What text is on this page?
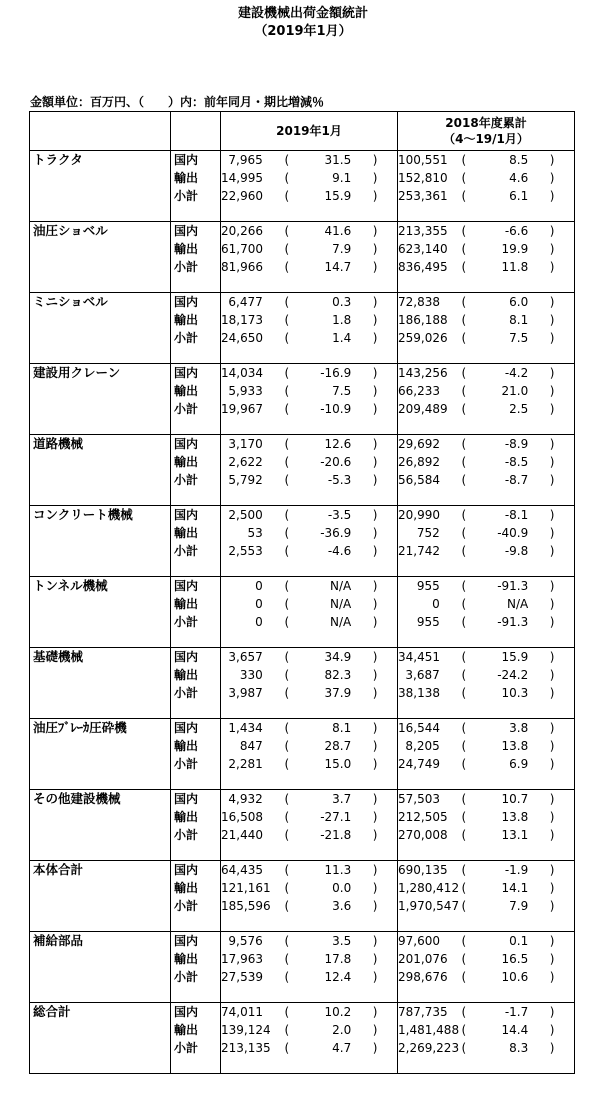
建設機械出荷金額統計
（2019年1月）
金額単位：百万円、（　　）内：前年同月・期比増減％
		2019年1月				2018年度累計
（4～19/1月）			

トラクタ	国内	7,965	(	31.5	)	100,551	(	8.5	)
	輸出	14,995	(	9.1	)	152,810	(	4.6	)
	小計	22,960	(	15.9	)	253,361	(	6.1	)

油圧ショベル	国内	20,266	(	41.6	)	213,355	(	-6.6	)
	輸出	61,700	(	7.9	)	623,140	(	19.9	)
	小計	81,966	(	14.7	)	836,495	(	11.8	)

ミニショベル	国内	6,477	(	0.3	)	72,838	(	6.0	)
	輸出	18,173	(	1.8	)	186,188	(	8.1	)
	小計	24,650	(	1.4	)	259,026	(	7.5	)

建設用クレーン	国内	14,034	(	-16.9	)	143,256	(	-4.2	)
	輸出	5,933	(	7.5	)	66,233	(	21.0	)
	小計	19,967	(	-10.9	)	209,489	(	2.5	)

道路機械	国内	3,170	(	12.6	)	29,692	(	-8.9	)
	輸出	2,622	(	-20.6	)	26,892	(	-8.5	)
	小計	5,792	(	-5.3	)	56,584	(	-8.7	)

コンクリート機械	国内	2,500	(	-3.5	)	20,990	(	-8.1	)
	輸出	53	(	-36.9	)	752	(	-40.9	)
	小計	2,553	(	-4.6	)	21,742	(	-9.8	)

トンネル機械	国内	0	(	N/A	)	955	(	-91.3	)
	輸出	0	(	N/A	)	0	(	N/A	)
	小計	0	(	N/A	)	955	(	-91.3	)

基礎機械	国内	3,657	(	34.9	)	34,451	(	15.9	)
	輸出	330	(	82.3	)	3,687	(	-24.2	)
	小計	3,987	(	37.9	)	38,138	(	10.3	)

油圧ﾌﾞﾚｰｶ圧砕機	国内	1,434	(	8.1	)	16,544	(	3.8	)
	輸出	847	(	28.7	)	8,205	(	13.8	)
	小計	2,281	(	15.0	)	24,749	(	6.9	)

その他建設機械	国内	4,932	(	3.7	)	57,503	(	10.7	)
	輸出	16,508	(	-27.1	)	212,505	(	13.8	)
	小計	21,440	(	-21.8	)	270,008	(	13.1	)

本体合計	国内	64,435	(	11.3	)	690,135	(	-1.9	)
	輸出	121,161	(	0.0	)	1,280,412	(	14.1	)
	小計	185,596	(	3.6	)	1,970,547	(	7.9	)

補給部品	国内	9,576	(	3.5	)	97,600	(	0.1	)
	輸出	17,963	(	17.8	)	201,076	(	16.5	)
	小計	27,539	(	12.4	)	298,676	(	10.6	)

総合計	国内	74,011	(	10.2	)	787,735	(	-1.7	)
	輸出	139,124	(	2.0	)	1,481,488	(	14.4	)
	小計	213,135	(	4.7	)	2,269,223	(	8.3	)
